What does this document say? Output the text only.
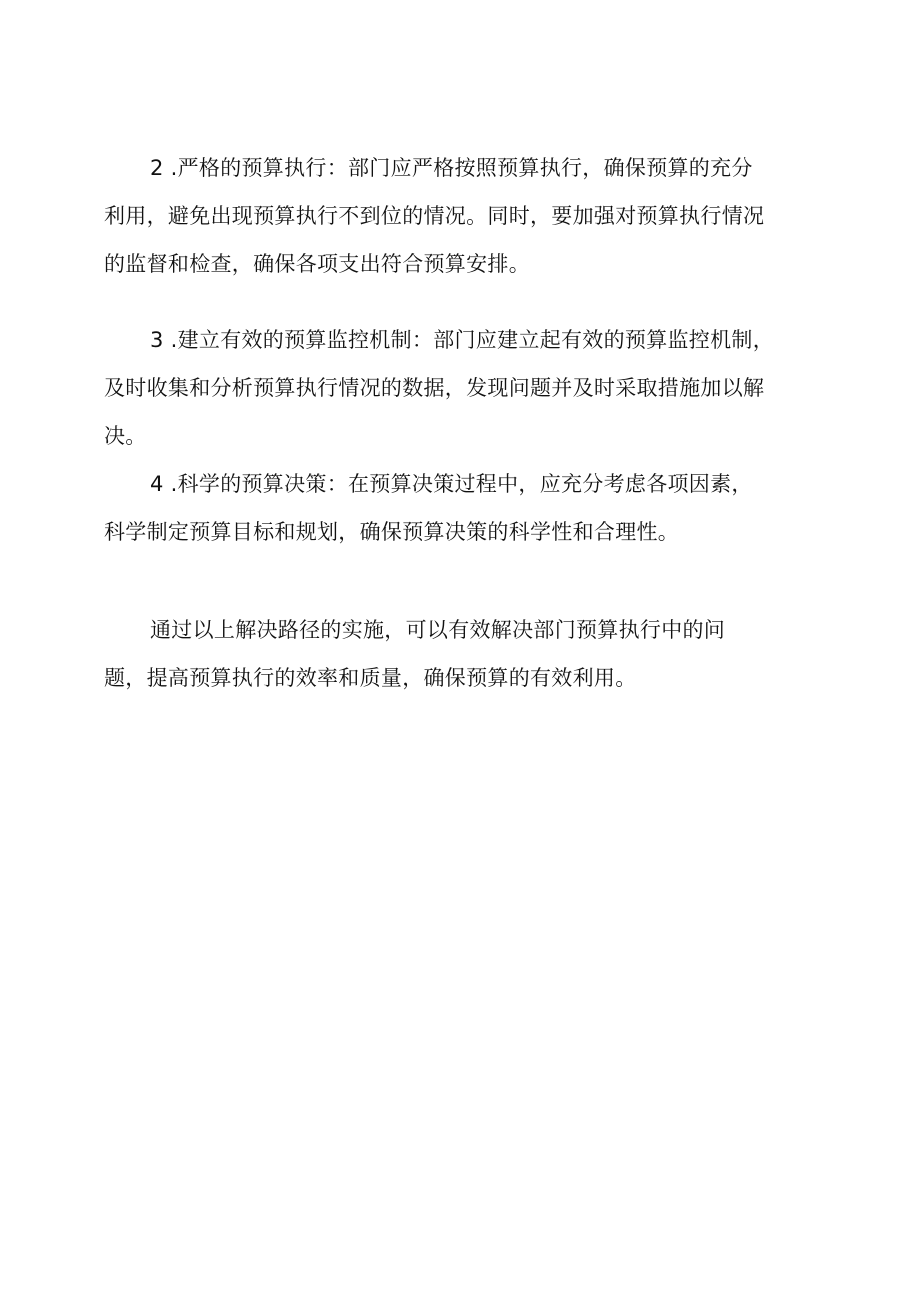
2 .严格的预算执行：部门应严格按照预算执行，确保预算的充分
利用，避免出现预算执行不到位的情况。同时，要加强对预算执行情况
的监督和检查，确保各项支出符合预算安排。
3 .建立有效的预算监控机制：部门应建立起有效的预算监控机制，
及时收集和分析预算执行情况的数据，发现问题并及时采取措施加以解
决。
4 .科学的预算决策：在预算决策过程中，应充分考虑各项因素，
科学制定预算目标和规划，确保预算决策的科学性和合理性。
通过以上解决路径的实施，可以有效解决部门预算执行中的问
题，提高预算执行的效率和质量，确保预算的有效利用。
